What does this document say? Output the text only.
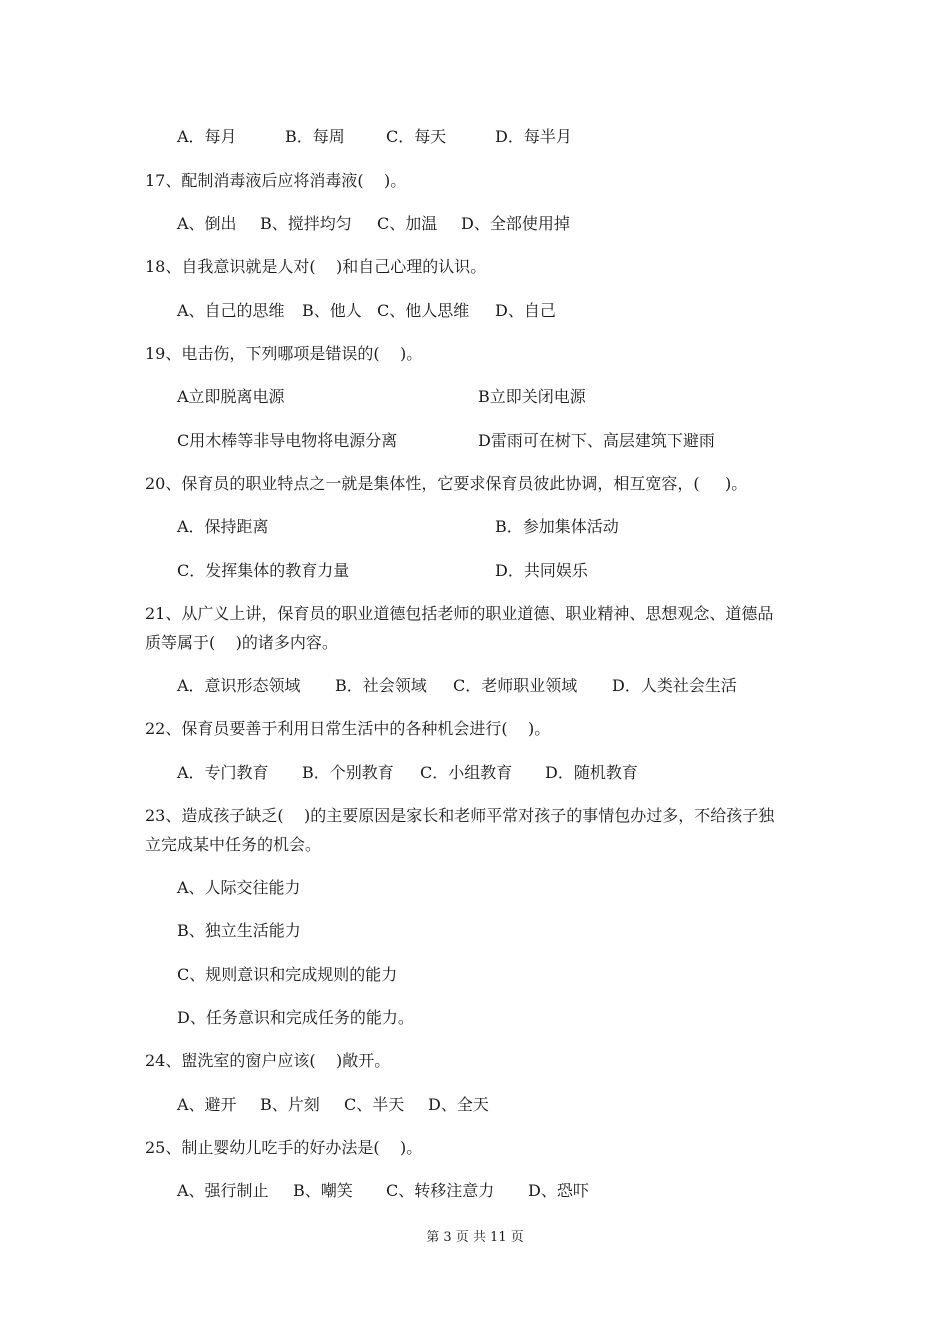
A．每月	B．每周	C．每天	D．每半月
17、配制消毒液后应将消毒液(    )。
A、倒出 B、搅拌均匀 C、加温 D、全部使用掉
18、自我意识就是人对(    )和自己心理的认识。
A、自己的思维 B、他人 C、他人思维 D、自己
19、电击伤，下列哪项是错误的(    )。
A立即脱离电源	B立即关闭电源
C用木棒等非导电物将电源分离	D雷雨可在树下、高层建筑下避雨
20、保育员的职业特点之一就是集体性，它要求保育员彼此协调，相互宽容，(     )。
A．保持距离	B．参加集体活动
C．发挥集体的教育力量	D．共同娱乐
21、从广义上讲，保育员的职业道德包括老师的职业道德、职业精神、思想观念、道德品
质等属于(    )的诸多内容。
A．意识形态领域 B．社会领域 C．老师职业领域 D．人类社会生活
22、保育员要善于利用日常生活中的各种机会进行(    )。
A．专门教育 B．个别教育 C．小组教育 D．随机教育
23、造成孩子缺乏(    )的主要原因是家长和老师平常对孩子的事情包办过多，不给孩子独
立完成某中任务的机会。
A、人际交往能力
B、独立生活能力
C、规则意识和完成规则的能力
D、任务意识和完成任务的能力。
24、盥洗室的窗户应该(    )敞开。
A、避开 B、片刻 C、半天 D、全天
25、制止婴幼儿吃手的好办法是(    )。
A、强行制止 B、嘲笑 C、转移注意力 D、恐吓
第 3 页 共 11 页
